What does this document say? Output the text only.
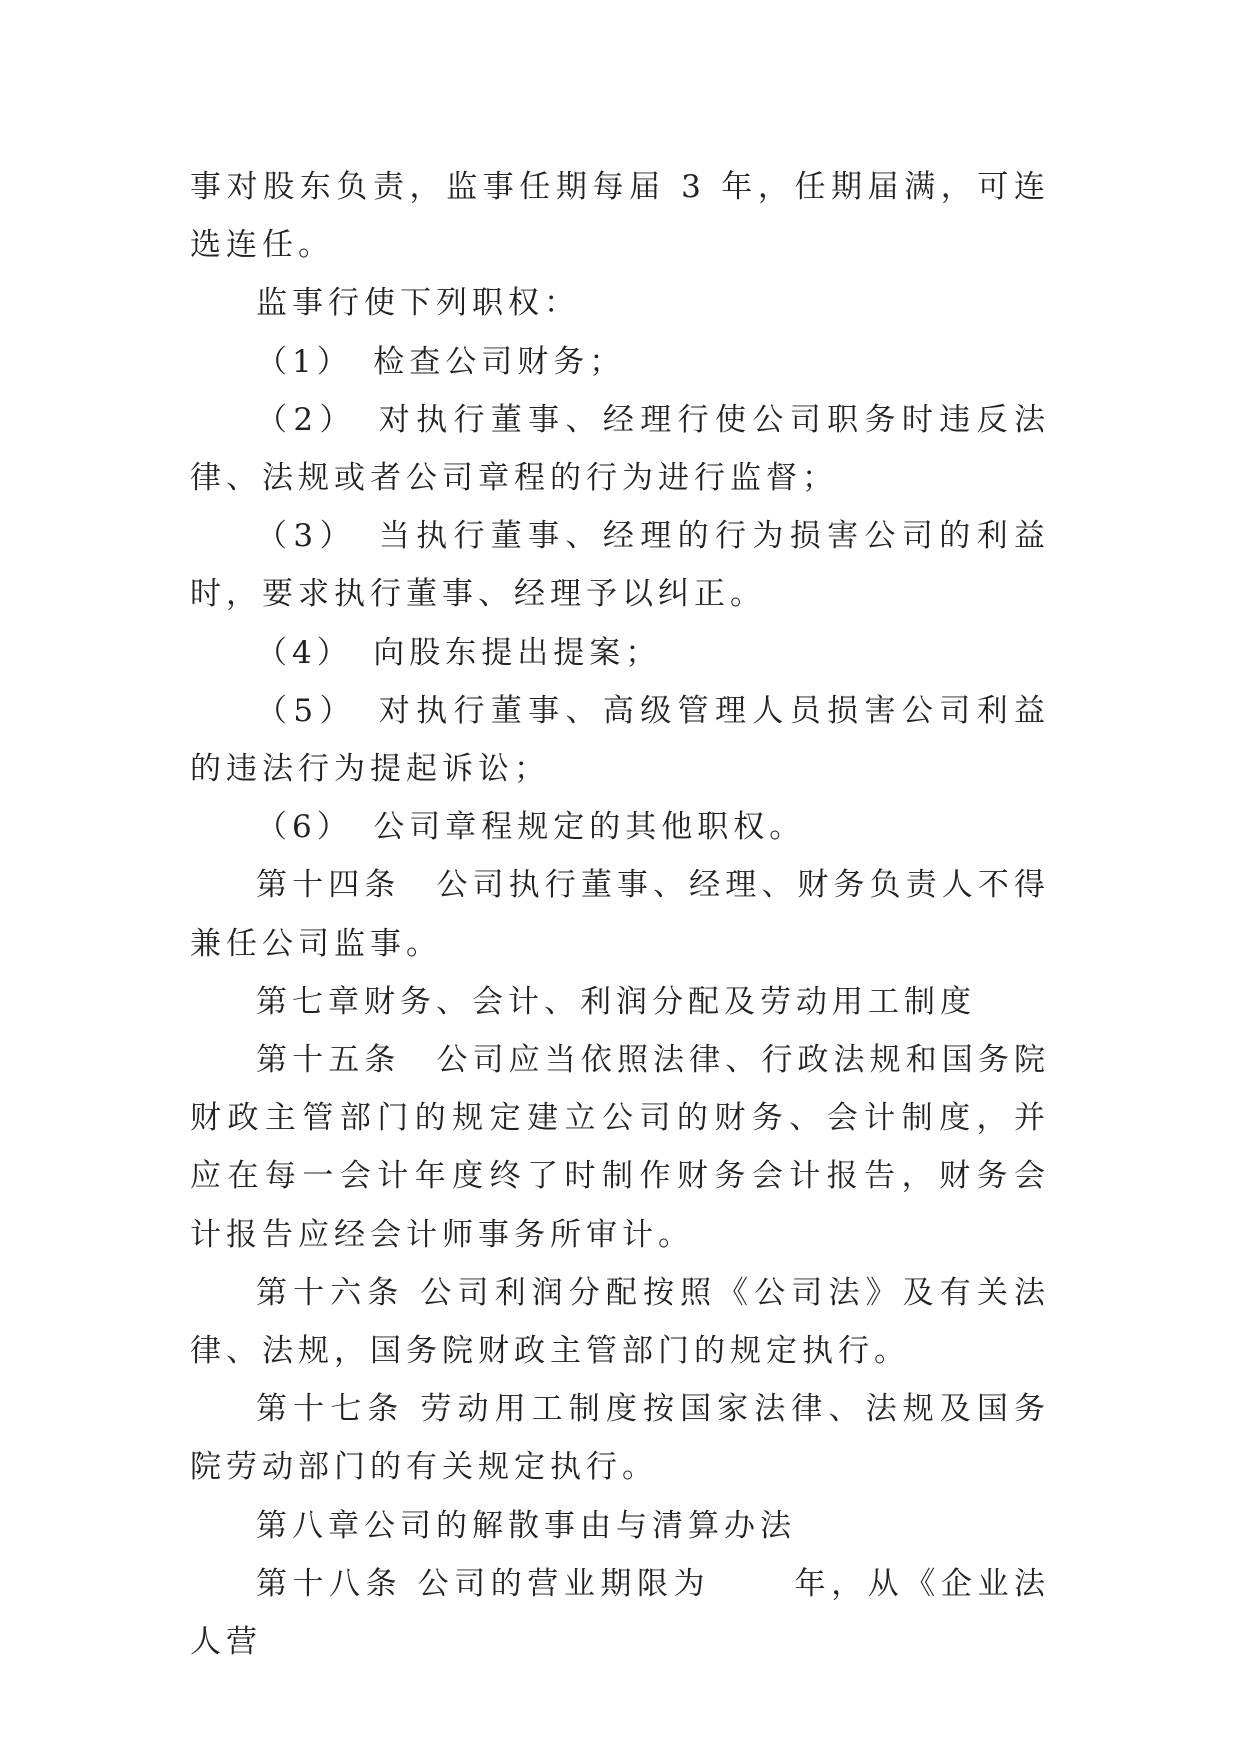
事对股东负责，监事任期每届 3 年，任期届满，可连选连任。

监事行使下列职权：

（1）　检查公司财务；

（2）　对执行董事、经理行使公司职务时违反法律、法规或者公司章程的行为进行监督；

（3）　当执行董事、经理的行为损害公司的利益时，要求执行董事、经理予以纠正。

（4）　向股东提出提案；

（5）　对执行董事、高级管理人员损害公司利益的违法行为提起诉讼；

（6）　公司章程规定的其他职权。

第十四条　公司执行董事、经理、财务负责人不得兼任公司监事。

第七章财务、会计、利润分配及劳动用工制度

第十五条　公司应当依照法律、行政法规和国务院财政主管部门的规定建立公司的财务、会计制度，并应在每一会计年度终了时制作财务会计报告，财务会计报告应经会计师事务所审计。

第十六条 公司利润分配按照《公司法》及有关法律、法规，国务院财政主管部门的规定执行。

第十七条 劳动用工制度按国家法律、法规及国务院劳动部门的有关规定执行。

第八章公司的解散事由与清算办法

第十八条 公司的营业期限为	年，从《企业法人营
